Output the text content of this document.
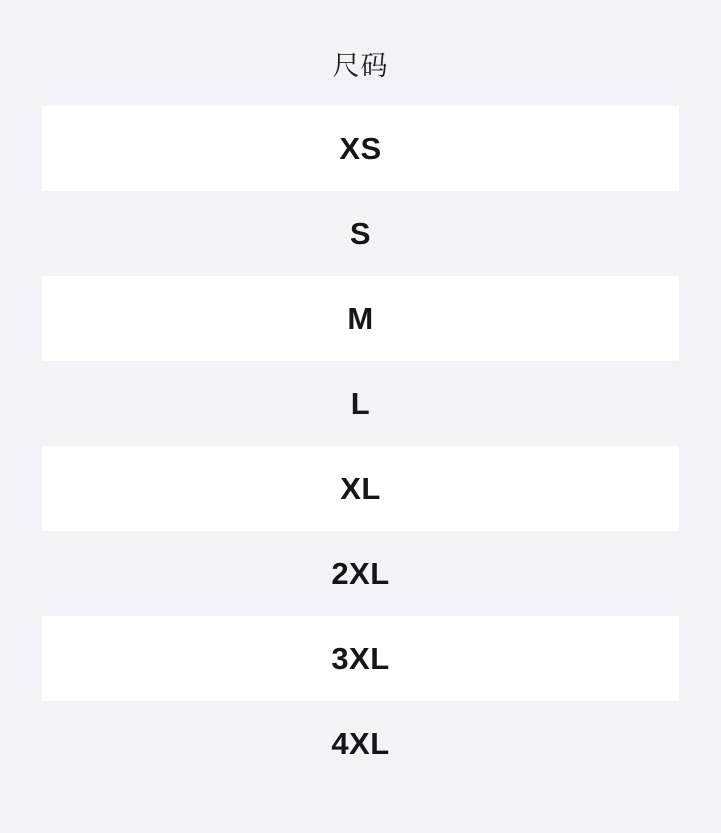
尺码
XS
S
M
L
XL
2XL
3XL
4XL
